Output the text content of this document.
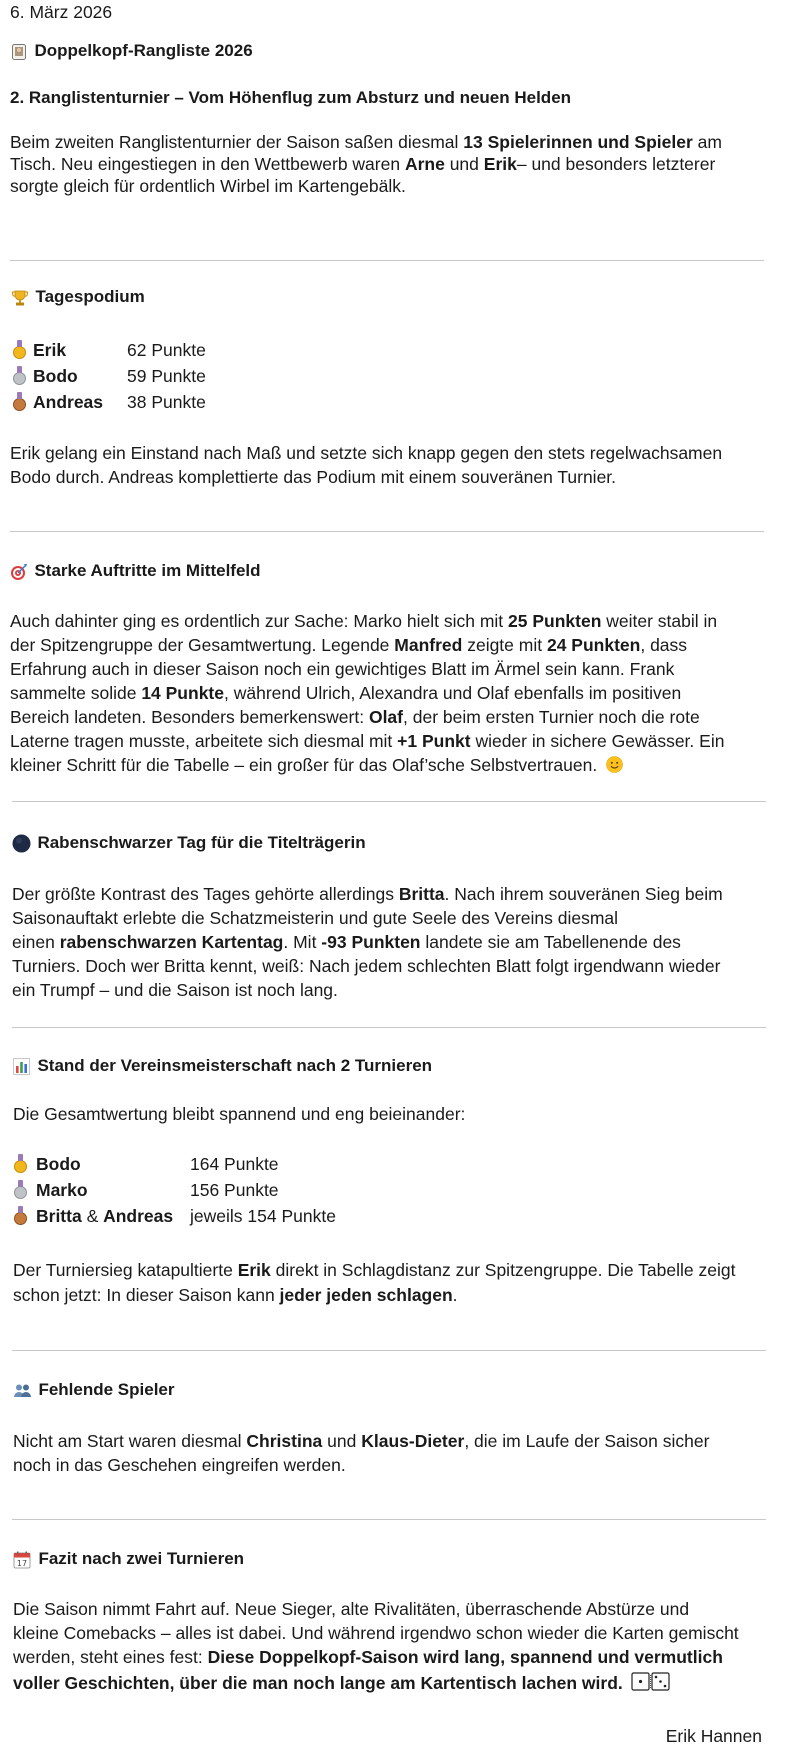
6. März 2026
Doppelkopf-Rangliste 2026
2. Ranglistenturnier – Vom Höhenflug zum Absturz und neuen Helden
Beim zweiten Ranglistenturnier der Saison saßen diesmal 13 Spielerinnen und Spieler am
Tisch. Neu eingestiegen in den Wettbewerb waren Arne und Erik– und besonders letzterer
sorgte gleich für ordentlich Wirbel im Kartengebälk.
Tagespodium
Erik	62 Punkte
Bodo	59 Punkte
Andreas 38 Punkte
Erik gelang ein Einstand nach Maß und setzte sich knapp gegen den stets regelwachsamen
Bodo durch. Andreas komplettierte das Podium mit einem souveränen Turnier.
Starke Auftritte im Mittelfeld
Auch dahinter ging es ordentlich zur Sache: Marko hielt sich mit 25 Punkten weiter stabil in
der Spitzengruppe der Gesamtwertung. Legende Manfred zeigte mit 24 Punkten, dass
Erfahrung auch in dieser Saison noch ein gewichtiges Blatt im Ärmel sein kann. Frank
sammelte solide 14 Punkte, während Ulrich, Alexandra und Olaf ebenfalls im positiven
Bereich landeten. Besonders bemerkenswert: Olaf, der beim ersten Turnier noch die rote
Laterne tragen musste, arbeitete sich diesmal mit +1 Punkt wieder in sichere Gewässer. Ein
kleiner Schritt für die Tabelle – ein großer für das Olaf’sche Selbstvertrauen.
Rabenschwarzer Tag für die Titelträgerin
Der größte Kontrast des Tages gehörte allerdings Britta. Nach ihrem souveränen Sieg beim
Saisonauftakt erlebte die Schatzmeisterin und gute Seele des Vereins diesmal
einen rabenschwarzen Kartentag. Mit -93 Punkten landete sie am Tabellenende des
Turniers. Doch wer Britta kennt, weiß: Nach jedem schlechten Blatt folgt irgendwann wieder
ein Trumpf – und die Saison ist noch lang.
Stand der Vereinsmeisterschaft nach 2 Turnieren
Die Gesamtwertung bleibt spannend und eng beieinander:
Bodo	164 Punkte
Marko	156 Punkte
Britta & Andreas jeweils 154 Punkte
Der Turniersieg katapultierte Erik direkt in Schlagdistanz zur Spitzengruppe. Die Tabelle zeigt
schon jetzt: In dieser Saison kann jeder jeden schlagen.
Fehlende Spieler
Nicht am Start waren diesmal Christina und Klaus-Dieter, die im Laufe der Saison sicher
noch in das Geschehen eingreifen werden.
17 Fazit nach zwei Turnieren
Die Saison nimmt Fahrt auf. Neue Sieger, alte Rivalitäten, überraschende Abstürze und
kleine Comebacks – alles ist dabei. Und während irgendwo schon wieder die Karten gemischt
werden, steht eines fest: Diese Doppelkopf-Saison wird lang, spannend und vermutlich
voller Geschichten, über die man noch lange am Kartentisch lachen wird.
Erik Hannen
